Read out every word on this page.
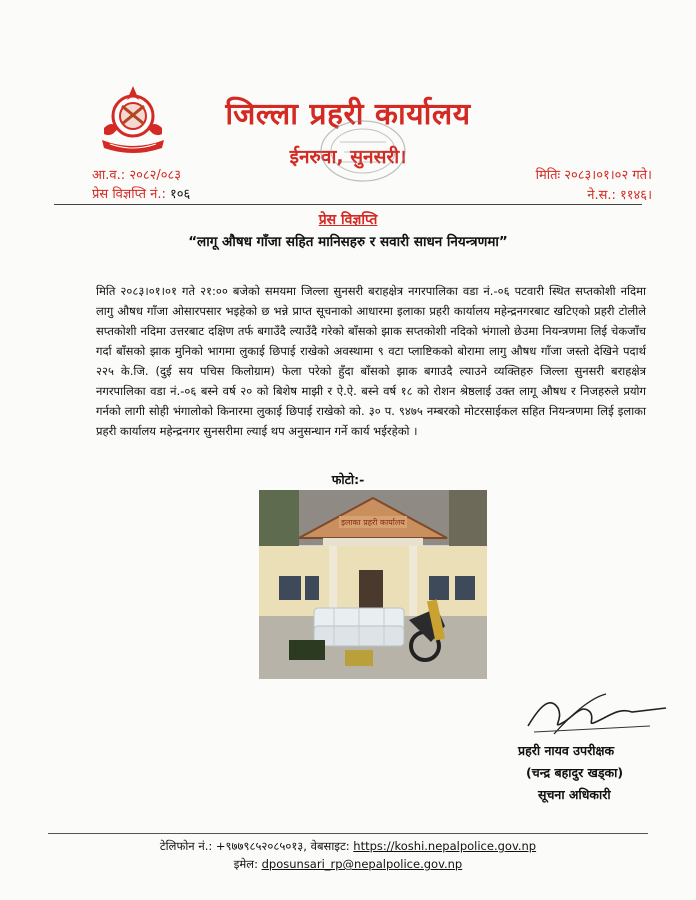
जिल्ला प्रहरी कार्यालय
ईनरुवा, सुनसरी।
आ.व.: २०८२/०८३
प्रेस विज्ञप्ति नं.: १०६
मितिः २०८३।०१।०२ गते।
ने.स.: ११४६।
प्रेस विज्ञप्ति
“लागू औषध गाँजा सहित मानिसहरु र सवारी साधन नियन्त्रणमा”
मिति २०८३।०१।०१ गते २१:०० बजेको समयमा जिल्ला सुनसरी बराहक्षेत्र नगरपालिका वडा नं.-०६ पटवारी स्थित सप्तकोशी नदिमा लागु औषध गाँजा ओसारपसार भइहेको छ भन्ने प्राप्त सूचनाको आधारमा इलाका प्रहरी कार्यालय महेन्द्रनगरबाट खटिएको प्रहरी टोलीले सप्तकोशी नदिमा उत्तरबाट दक्षिण तर्फ बगाउँदै ल्याउँदै गरेको बाँसको झाक सप्तकोशी नदिको भंगालो छेउमा नियन्त्रणमा लिई चेकजाँच गर्दा बाँसको झाक मुनिको भागमा लुकाई छिपाई राखेको अवस्थामा ९ वटा प्लाष्टिकको बोरामा लागु औषध गाँजा जस्तो देखिने पदार्थ २२५ के.जि. (दुई सय पचिस किलोग्राम) फेला परेको हुँदा बाँसको झाक बगाउदै ल्याउने व्यक्तिहरु जिल्ला सुनसरी बराहक्षेत्र नगरपालिका वडा नं.-०६ बस्ने वर्ष २० को बिशेष माझी र ऐ.ऐ. बस्ने वर्ष १८ को रोशन श्रेष्ठलाई उक्त लागू औषध र निजहरुले प्रयोग गर्नको लागी सोही भंगालोको किनारमा लुकाई छिपाई राखेको को. ३० प. ९४७५ नम्बरको मोटरसाईकल सहित नियन्त्रणमा लिई इलाका प्रहरी कार्यालय महेन्द्रनगर सुनसरीमा ल्याई थप अनुसन्धान गर्ने कार्य भईरहेको ।
फोटो:-
इलाका प्रहरी कार्यालय
प्रहरी नायव उपरीक्षक
(चन्द्र बहादुर खड्का)
सूचना अधिकारी
टेलिफोन नं.: +९७७९८५२०८५०१३, वेबसाइट: https://koshi.nepalpolice.gov.np
इमेल: dposunsari_rp@nepalpolice.gov.np
